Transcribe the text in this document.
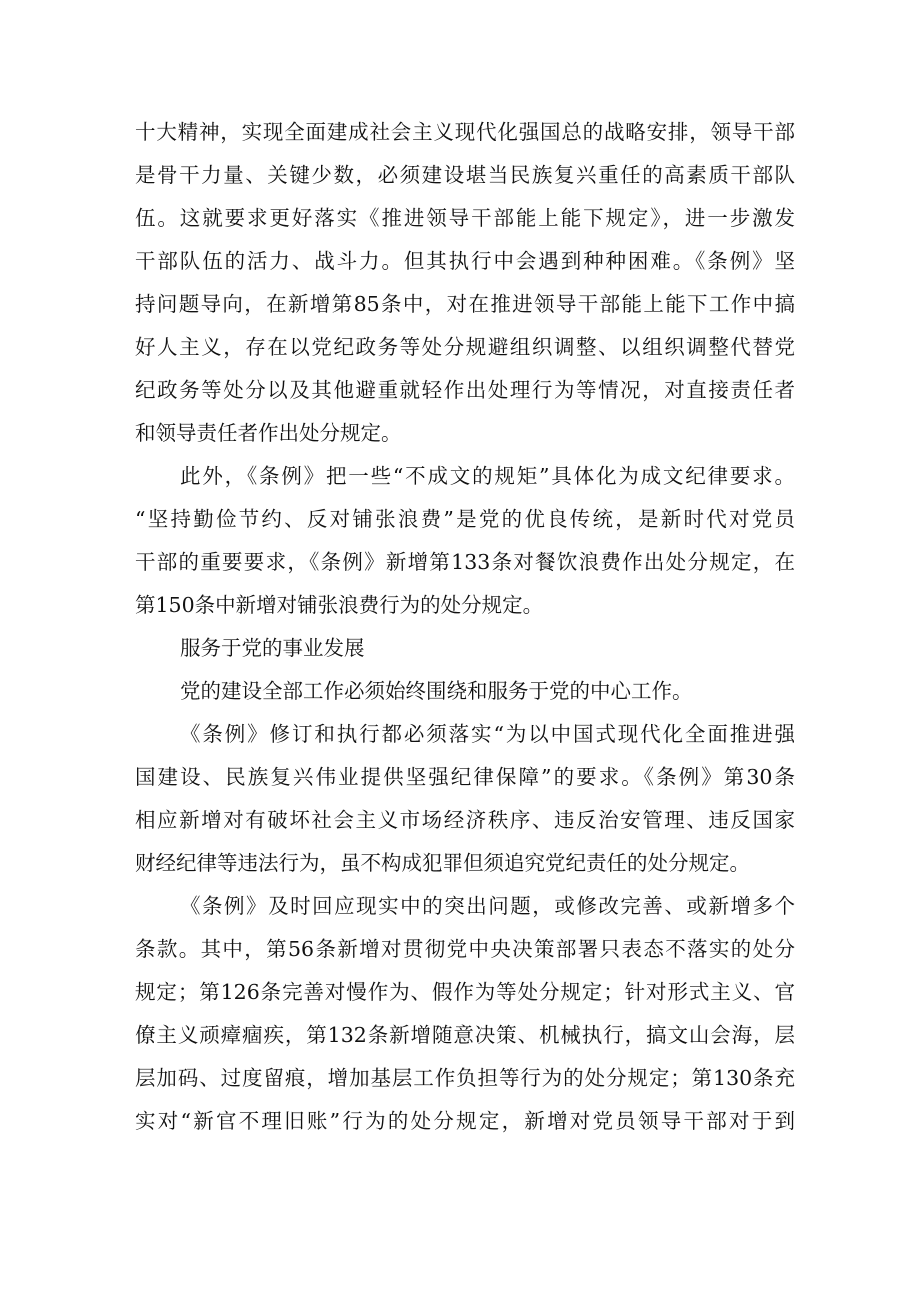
十大精神，实现全面建成社会主义现代化强国总的战略安排，领导干部
是骨干力量、关键少数，必须建设堪当民族复兴重任的高素质干部队
伍。这就要求更好落实《推进领导干部能上能下规定》，进一步激发
干部队伍的活力、战斗力。但其执行中会遇到种种困难。《条例》坚
持问题导向，在新增第85条中，对在推进领导干部能上能下工作中搞
好人主义，存在以党纪政务等处分规避组织调整、以组织调整代替党
纪政务等处分以及其他避重就轻作出处理行为等情况，对直接责任者
和领导责任者作出处分规定。
此外，《条例》把一些“不成文的规矩”具体化为成文纪律要求。
“坚持勤俭节约、反对铺张浪费”是党的优良传统，是新时代对党员
干部的重要要求，《条例》新增第133条对餐饮浪费作出处分规定，在
第150条中新增对铺张浪费行为的处分规定。
服务于党的事业发展
党的建设全部工作必须始终围绕和服务于党的中心工作。
《条例》修订和执行都必须落实“为以中国式现代化全面推进强
国建设、民族复兴伟业提供坚强纪律保障”的要求。《条例》第30条
相应新增对有破坏社会主义市场经济秩序、违反治安管理、违反国家
财经纪律等违法行为，虽不构成犯罪但须追究党纪责任的处分规定。
《条例》及时回应现实中的突出问题，或修改完善、或新增多个
条款。其中，第56条新增对贯彻党中央决策部署只表态不落实的处分
规定；第126条完善对慢作为、假作为等处分规定；针对形式主义、官
僚主义顽瘴痼疾，第132条新增随意决策、机械执行，搞文山会海，层
层加码、过度留痕，增加基层工作负担等行为的处分规定；第130条充
实对“新官不理旧账”行为的处分规定，新增对党员领导干部对于到
